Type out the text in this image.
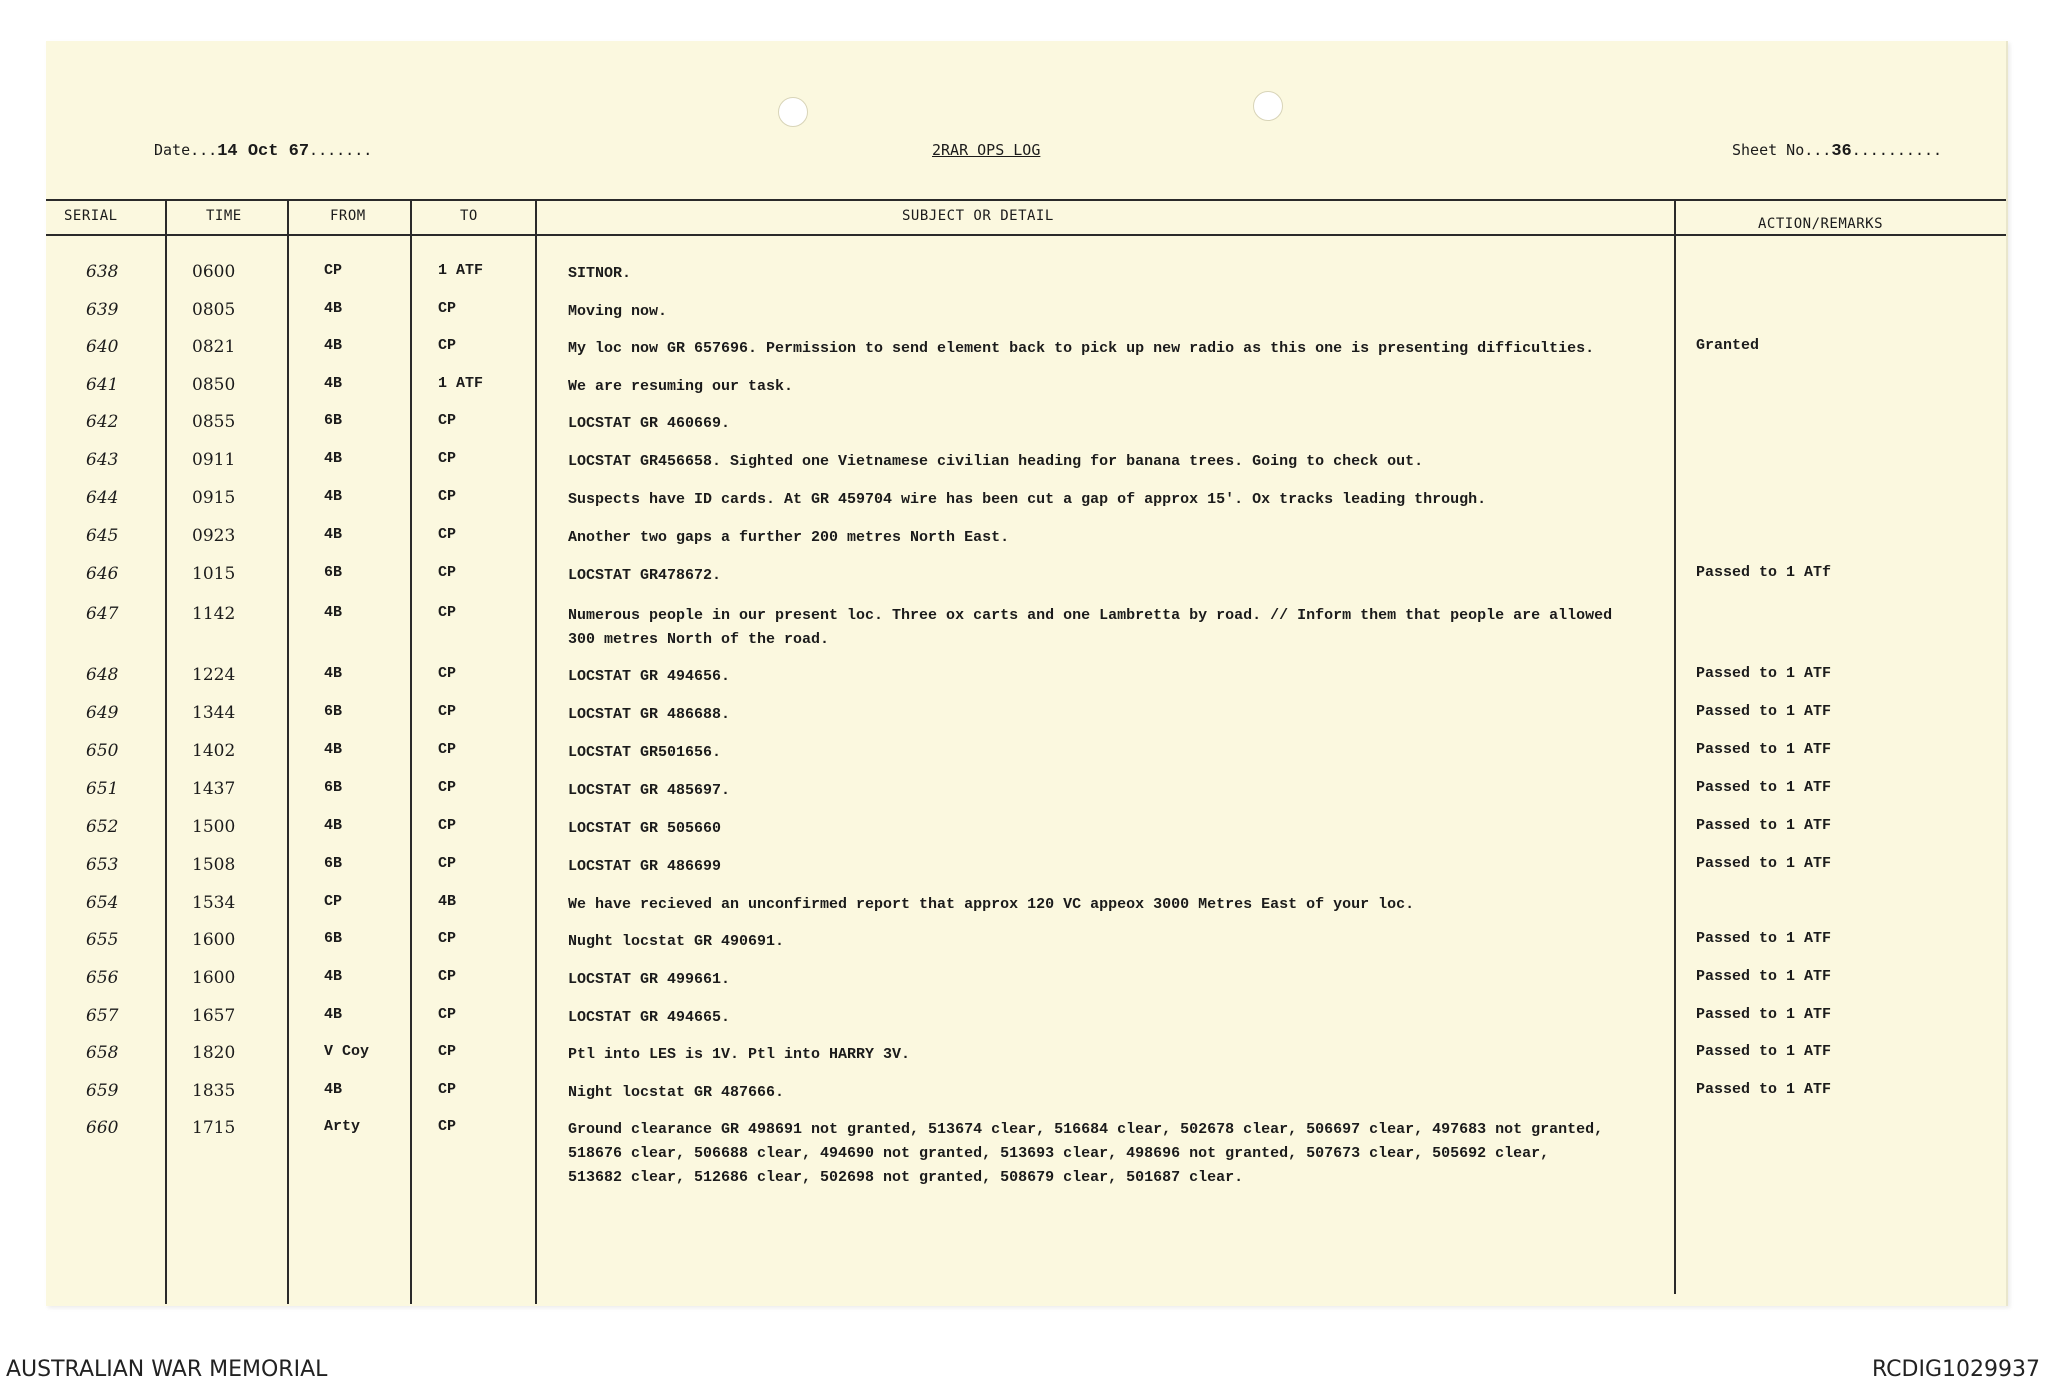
Date...14 Oct 67.......	2RAR OPS LOG	Sheet No...36..........
SERIAL	TIME	FROM	TO	SUBJECT OR DETAIL	ACTION/REMARKS
638	0600	CP	1 ATF	SITNOR.
639	0805	4B	CP	Moving now.
640	0821	4B	CP	My loc now GR 657696. Permission to send element back to pick up new radio as this one is presenting difficulties.	Granted
641	0850	4B	1 ATF	We are resuming our task.
642	0855	6B	CP	LOCSTAT GR 460669.
643	0911	4B	CP	LOCSTAT GR456658. Sighted one Vietnamese civilian heading for banana trees. Going to check out.
644	0915	4B	CP	Suspects have ID cards. At GR 459704 wire has been cut a gap of approx 15'. Ox tracks leading through.
645	0923	4B	CP	Another two gaps a further 200 metres North East.
646	1015	6B	CP	LOCSTAT GR478672.	Passed to 1 ATf
647	1142	4B	CP	Numerous people in our present loc. Three ox carts and one Lambretta by road. // Inform them that people are allowed
300 metres North of the road.
648	1224	4B	CP	LOCSTAT GR 494656.	Passed to 1 ATF
649	1344	6B	CP	LOCSTAT GR 486688.	Passed to 1 ATF
650	1402	4B	CP	LOCSTAT GR501656.	Passed to 1 ATF
651	1437	6B	CP	LOCSTAT GR 485697.	Passed to 1 ATF
652	1500	4B	CP	LOCSTAT GR 505660	Passed to 1 ATF
653	1508	6B	CP	LOCSTAT GR 486699	Passed to 1 ATF
654	1534	CP	4B	We have recieved an unconfirmed report that approx 120 VC appeox 3000 Metres East of your loc.
655	1600	6B	CP	Nught locstat GR 490691.	Passed to 1 ATF
656	1600	4B	CP	LOCSTAT GR 499661.	Passed to 1 ATF
657	1657	4B	CP	LOCSTAT GR 494665.	Passed to 1 ATF
658	1820	V Coy	CP	Ptl into LES is 1V. Ptl into HARRY 3V.	Passed to 1 ATF
659	1835	4B	CP	Night locstat GR 487666.	Passed to 1 ATF
660	1715	Arty	CP	Ground clearance GR 498691 not granted, 513674 clear, 516684 clear, 502678 clear, 506697 clear, 497683 not granted,
518676 clear, 506688 clear, 494690 not granted, 513693 clear, 498696 not granted, 507673 clear, 505692 clear,
513682 clear, 512686 clear, 502698 not granted, 508679 clear, 501687 clear.
AUSTRALIAN WAR MEMORIAL	RCDIG1029937
